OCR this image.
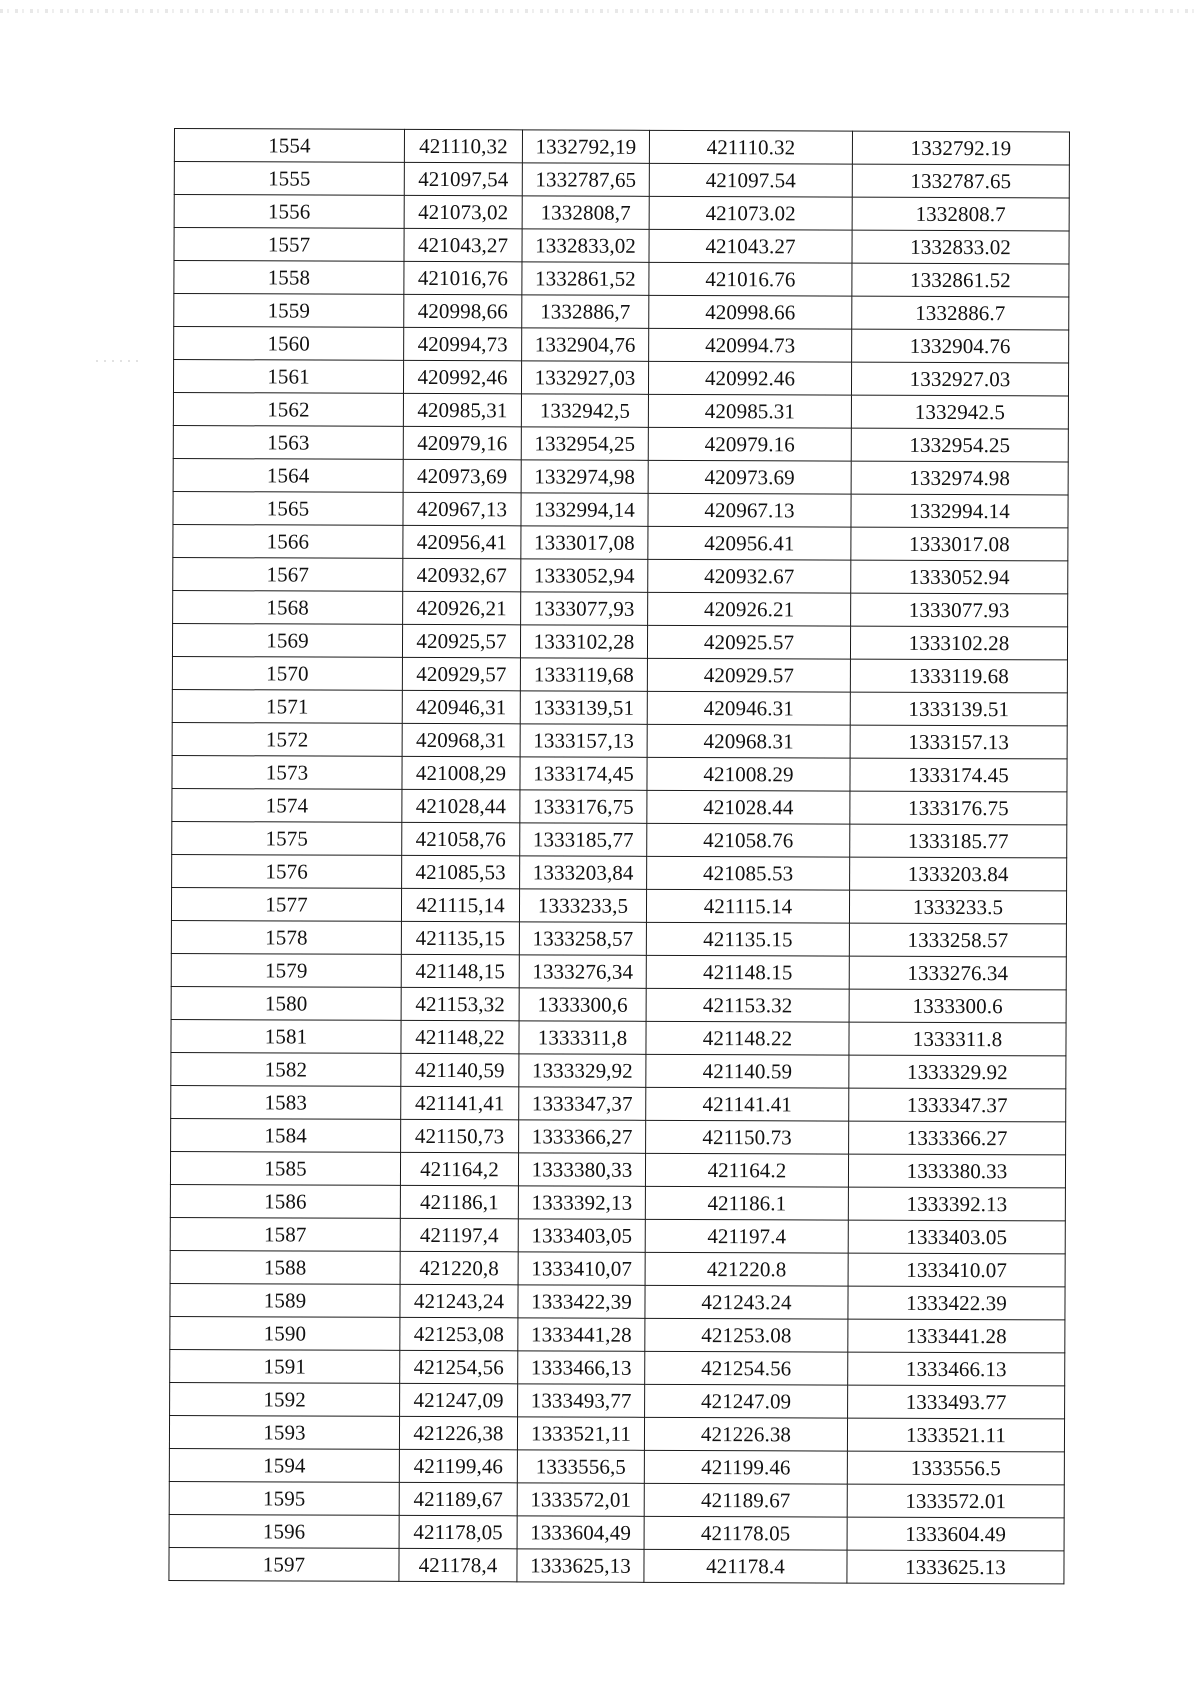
1554	421110,32	1332792,19	421110.32	1332792.19
1555	421097,54	1332787,65	421097.54	1332787.65
1556	421073,02	1332808,7	421073.02	1332808.7
1557	421043,27	1332833,02	421043.27	1332833.02
1558	421016,76	1332861,52	421016.76	1332861.52
1559	420998,66	1332886,7	420998.66	1332886.7
1560	420994,73	1332904,76	420994.73	1332904.76
1561	420992,46	1332927,03	420992.46	1332927.03
1562	420985,31	1332942,5	420985.31	1332942.5
1563	420979,16	1332954,25	420979.16	1332954.25
1564	420973,69	1332974,98	420973.69	1332974.98
1565	420967,13	1332994,14	420967.13	1332994.14
1566	420956,41	1333017,08	420956.41	1333017.08
1567	420932,67	1333052,94	420932.67	1333052.94
1568	420926,21	1333077,93	420926.21	1333077.93
1569	420925,57	1333102,28	420925.57	1333102.28
1570	420929,57	1333119,68	420929.57	1333119.68
1571	420946,31	1333139,51	420946.31	1333139.51
1572	420968,31	1333157,13	420968.31	1333157.13
1573	421008,29	1333174,45	421008.29	1333174.45
1574	421028,44	1333176,75	421028.44	1333176.75
1575	421058,76	1333185,77	421058.76	1333185.77
1576	421085,53	1333203,84	421085.53	1333203.84
1577	421115,14	1333233,5	421115.14	1333233.5
1578	421135,15	1333258,57	421135.15	1333258.57
1579	421148,15	1333276,34	421148.15	1333276.34
1580	421153,32	1333300,6	421153.32	1333300.6
1581	421148,22	1333311,8	421148.22	1333311.8
1582	421140,59	1333329,92	421140.59	1333329.92
1583	421141,41	1333347,37	421141.41	1333347.37
1584	421150,73	1333366,27	421150.73	1333366.27
1585	421164,2	1333380,33	421164.2	1333380.33
1586	421186,1	1333392,13	421186.1	1333392.13
1587	421197,4	1333403,05	421197.4	1333403.05
1588	421220,8	1333410,07	421220.8	1333410.07
1589	421243,24	1333422,39	421243.24	1333422.39
1590	421253,08	1333441,28	421253.08	1333441.28
1591	421254,56	1333466,13	421254.56	1333466.13
1592	421247,09	1333493,77	421247.09	1333493.77
1593	421226,38	1333521,11	421226.38	1333521.11
1594	421199,46	1333556,5	421199.46	1333556.5
1595	421189,67	1333572,01	421189.67	1333572.01
1596	421178,05	1333604,49	421178.05	1333604.49
1597	421178,4	1333625,13	421178.4	1333625.13
